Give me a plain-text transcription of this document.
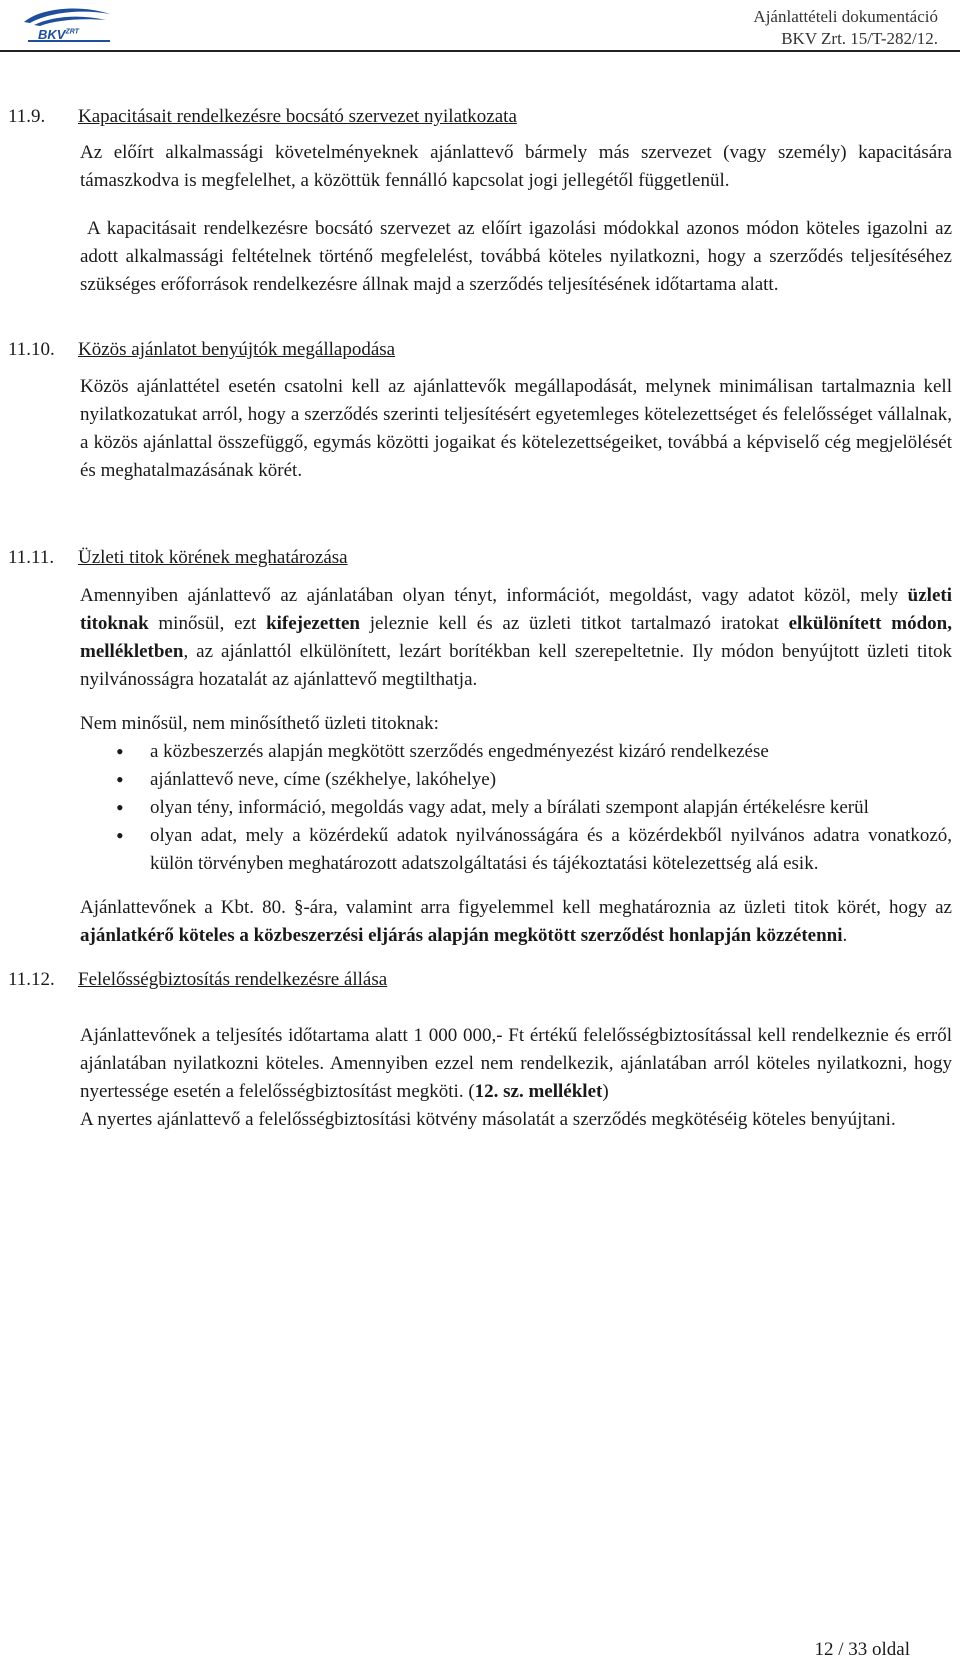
$BKV^{ZRT}$
Ajánlattételi dokumentáció
BKV Zrt. 15/T-282/12.
11.9.	Kapacitásait rendelkezésre bocsátó szervezet nyilatkozata

Az előírt alkalmassági követelményeknek ajánlattevő bármely más szervezet (vagy személy) kapacitására támaszkodva is megfelelhet, a közöttük fennálló kapcsolat jogi jellegétől függetlenül.

A kapacitásait rendelkezésre bocsátó szervezet az előírt igazolási módokkal azonos módon köteles igazolni az adott alkalmassági feltételnek történő megfelelést, továbbá köteles nyilatkozni, hogy a szerződés teljesítéséhez szükséges erőforrások rendelkezésre állnak majd a szerződés teljesítésének időtartama alatt.

11.10.	Közös ajánlatot benyújtók megállapodása

Közös ajánlattétel esetén csatolni kell az ajánlattevők megállapodását, melynek minimálisan tartalmaznia kell nyilatkozatukat arról, hogy a szerződés szerinti teljesítésért egyetemleges kötelezettséget és felelősséget vállalnak, a közös ajánlattal összefüggő, egymás közötti jogaikat és kötelezettségeiket, továbbá a képviselő cég megjelölését és meghatalmazásának körét.

11.11.	Üzleti titok körének meghatározása

Amennyiben ajánlattevő az ajánlatában olyan tényt, információt, megoldást, vagy adatot közöl, mely üzleti titoknak minősül, ezt kifejezetten jeleznie kell és az üzleti titkot tartalmazó iratokat elkülönített módon, mellékletben, az ajánlattól elkülönített, lezárt borítékban kell szerepeltetnie. Ily módon benyújtott üzleti titok nyilvánosságra hozatalát az ajánlattevő megtilthatja.

Nem minősül, nem minősíthető üzleti titoknak:

• a közbeszerzés alapján megkötött szerződés engedményezést kizáró rendelkezése
• ajánlattevő neve, címe (székhelye, lakóhelye)
• olyan tény, információ, megoldás vagy adat, mely a bírálati szempont alapján értékelésre kerül
• olyan adat, mely a közérdekű adatok nyilvánosságára és a közérdekből nyilvános adatra vonatkozó, külön törvényben meghatározott adatszolgáltatási és tájékoztatási kötelezettség alá esik.

Ajánlattevőnek a Kbt. 80. §-ára, valamint arra figyelemmel kell meghatároznia az üzleti titok körét, hogy az ajánlatkérő köteles a közbeszerzési eljárás alapján megkötött szerződést honlapján közzétenni.

11.12.	Felelősségbiztosítás rendelkezésre állása

Ajánlattevőnek a teljesítés időtartama alatt 1 000 000,- Ft értékű felelősségbiztosítással kell rendelkeznie és erről ajánlatában nyilatkozni köteles. Amennyiben ezzel nem rendelkezik, ajánlatában arról köteles nyilatkozni, hogy nyertessége esetén a felelősségbiztosítást megköti. (12. sz. melléklet)

A nyertes ajánlattevő a felelősségbiztosítási kötvény másolatát a szerződés megkötéséig köteles benyújtani.

12 / 33 oldal
